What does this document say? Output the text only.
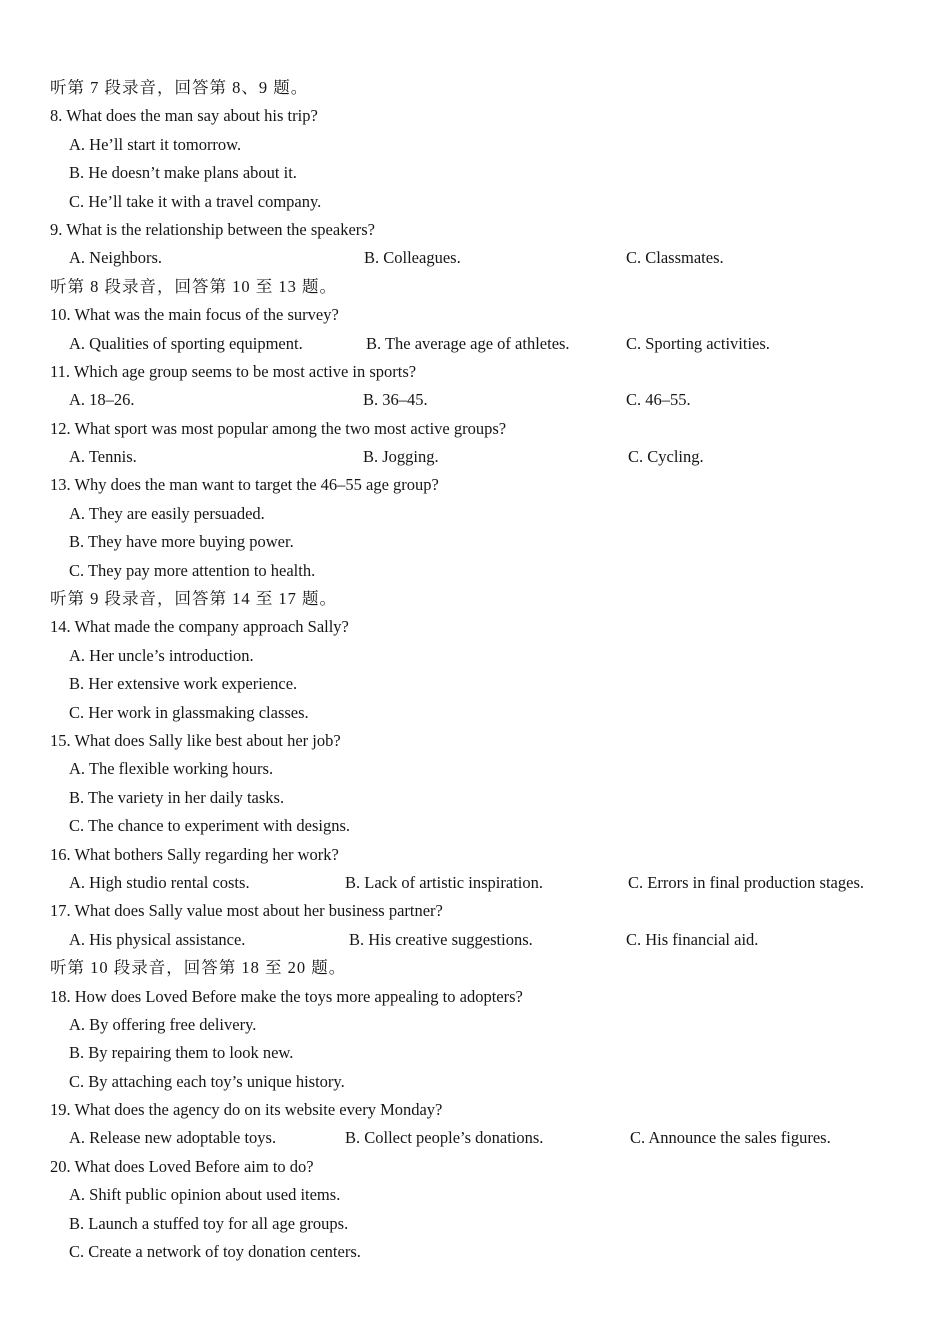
听第 7 段录音，回答第 8、9 题。
8. What does the man say about his trip?
A. He’ll start it tomorrow.
B. He doesn’t make plans about it.
C. He’ll take it with a travel company.
9. What is the relationship between the speakers?
A. Neighbors.	B. Colleagues.	C. Classmates.
听第 8 段录音，回答第 10 至 13 题。
10. What was the main focus of the survey?
A. Qualities of sporting equipment.	B. The average age of athletes.	C. Sporting activities.
11. Which age group seems to be most active in sports?
A. 18–26.	B. 36–45.	C. 46–55.
12. What sport was most popular among the two most active groups?
A. Tennis.	B. Jogging.	C. Cycling.
13. Why does the man want to target the 46–55 age group?
A. They are easily persuaded.
B. They have more buying power.
C. They pay more attention to health.
听第 9 段录音，回答第 14 至 17 题。
14. What made the company approach Sally?
A. Her uncle’s introduction.
B. Her extensive work experience.
C. Her work in glassmaking classes.
15. What does Sally like best about her job?
A. The flexible working hours.
B. The variety in her daily tasks.
C. The chance to experiment with designs.
16. What bothers Sally regarding her work?
A. High studio rental costs.	B. Lack of artistic inspiration.	C. Errors in final production stages.
17. What does Sally value most about her business partner?
A. His physical assistance.	B. His creative suggestions.	C. His financial aid.
听第 10 段录音，回答第 18 至 20 题。
18. How does Loved Before make the toys more appealing to adopters?
A. By offering free delivery.
B. By repairing them to look new.
C. By attaching each toy’s unique history.
19. What does the agency do on its website every Monday?
A. Release new adoptable toys.	B. Collect people’s donations.	C. Announce the sales figures.
20. What does Loved Before aim to do?
A. Shift public opinion about used items.
B. Launch a stuffed toy for all age groups.
C. Create a network of toy donation centers.
